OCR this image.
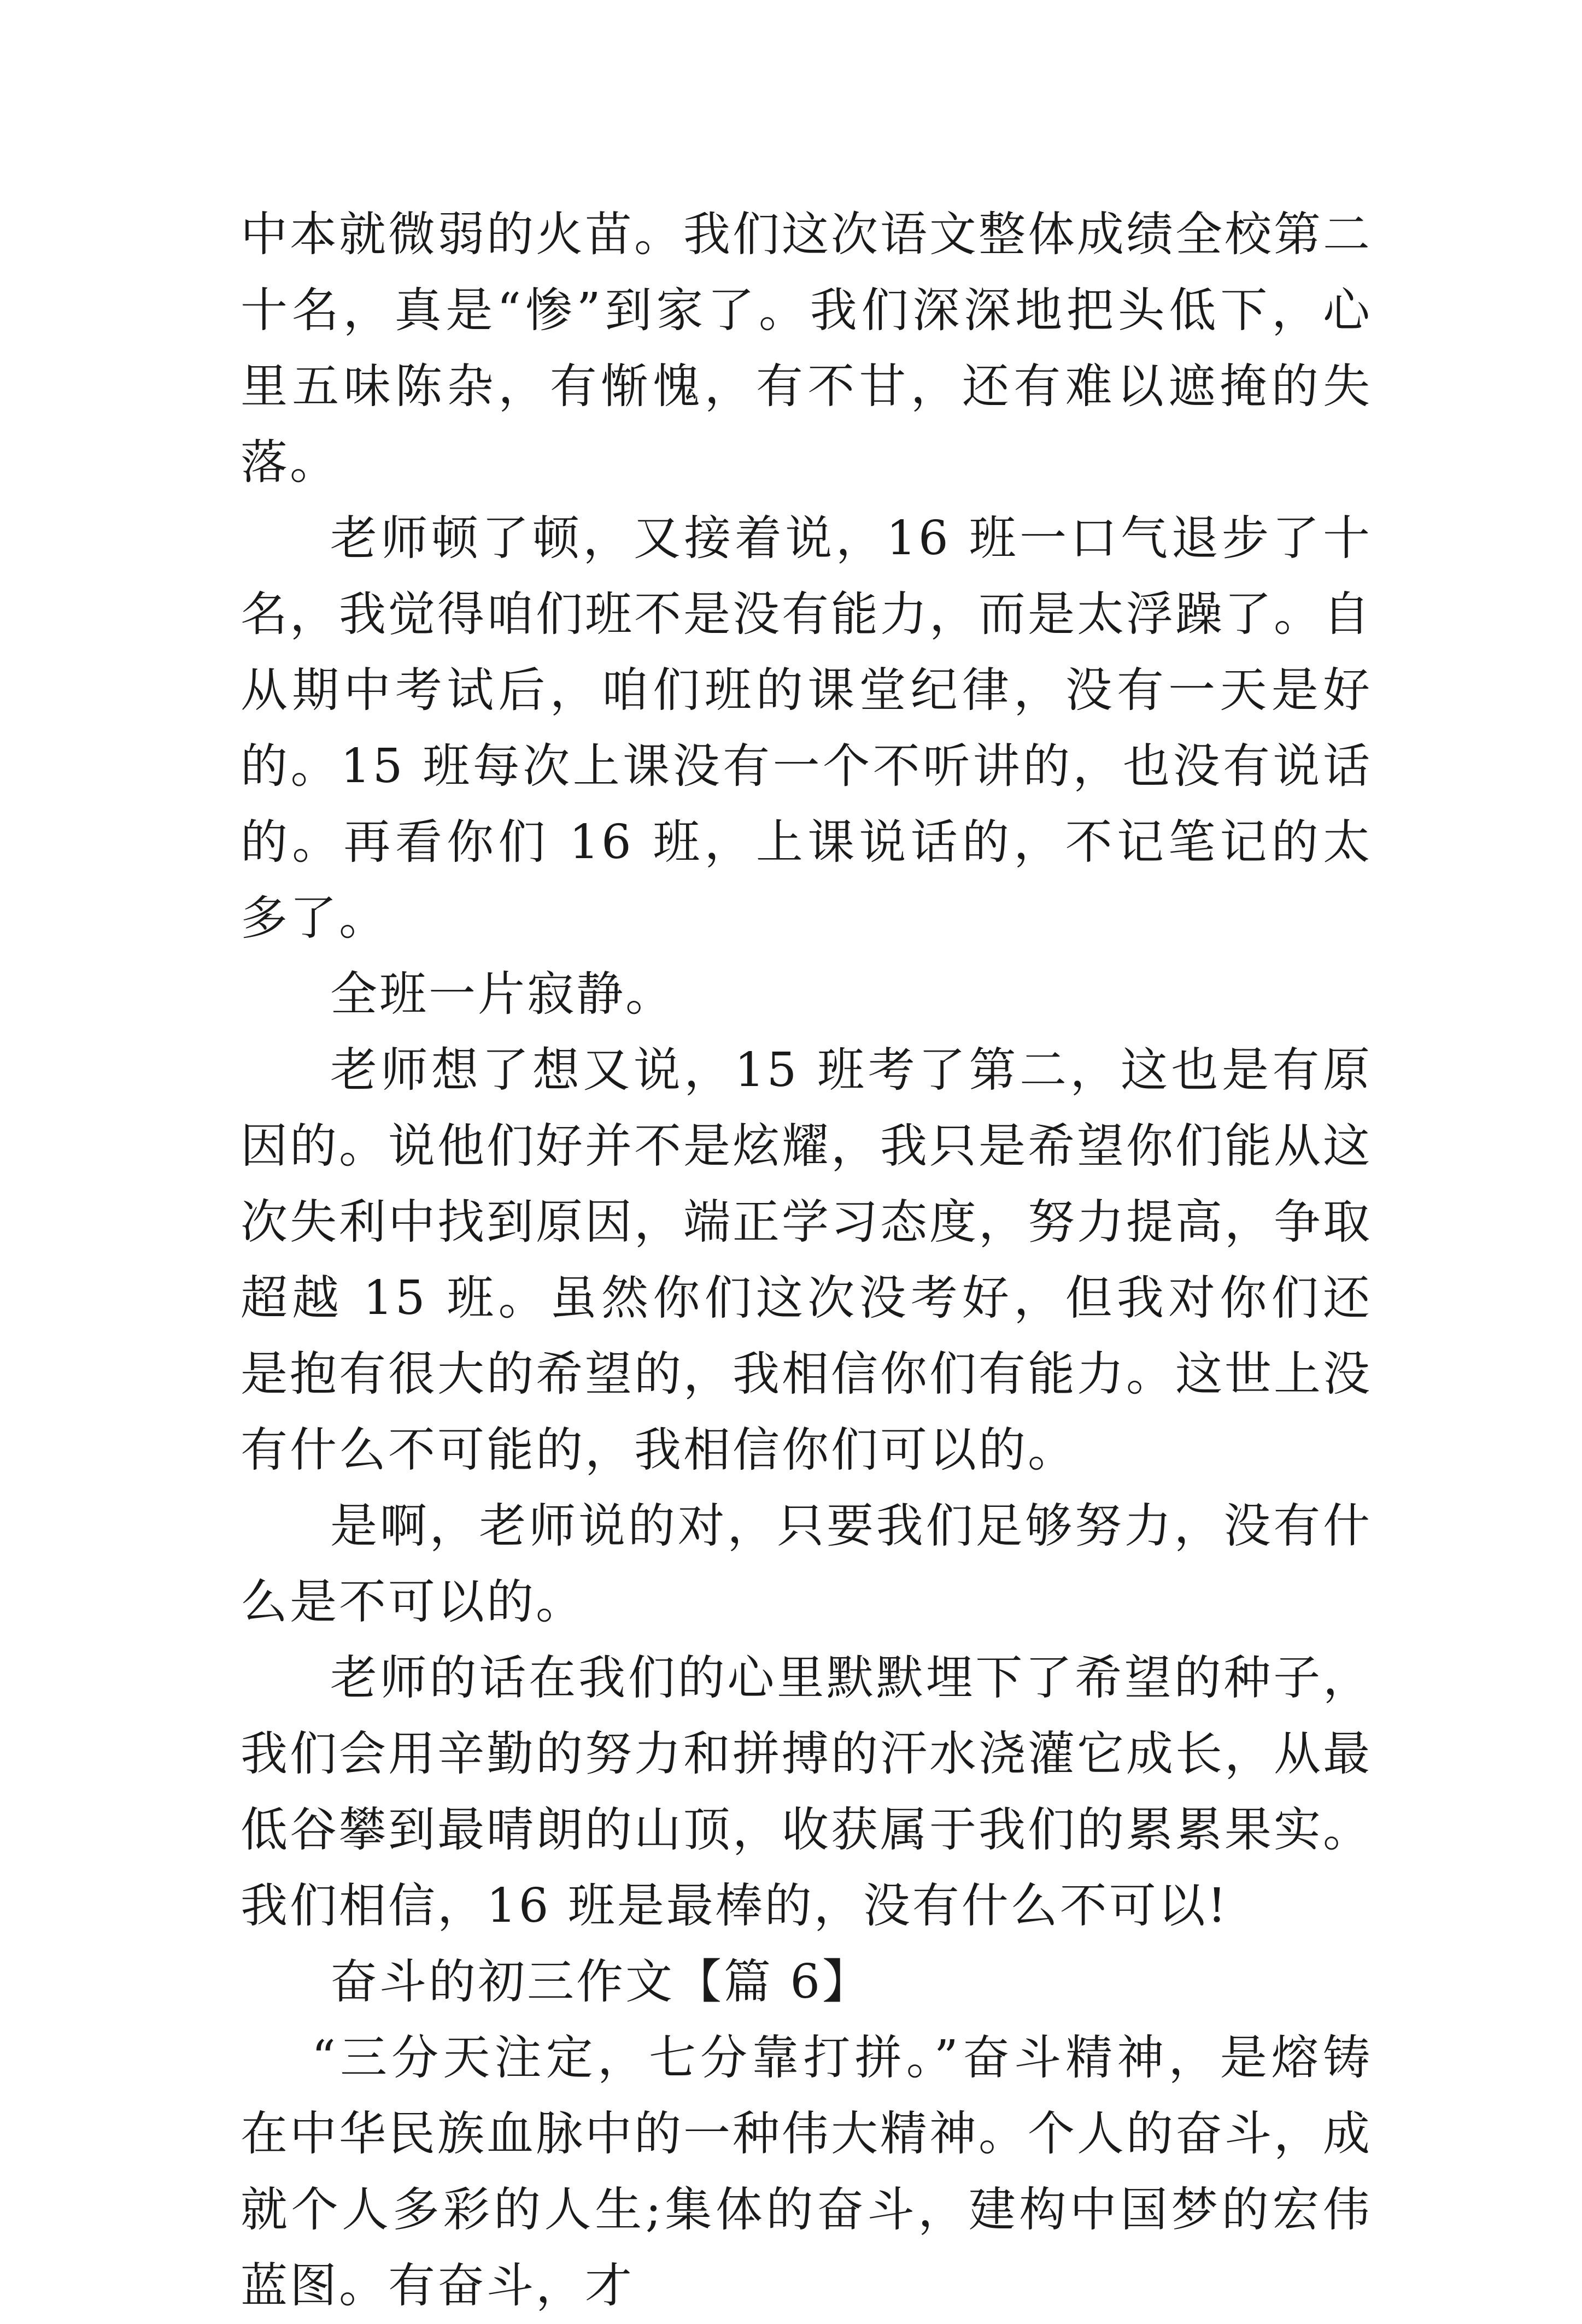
中本就微弱的火苗。我们这次语文整体成绩全校第二十名，真是“惨”到家了。我们深深地把头低下，心里五味陈杂，有惭愧，有不甘，还有难以遮掩的失落。

老师顿了顿，又接着说，16 班一口气退步了十名，我觉得咱们班不是没有能力，而是太浮躁了。自从期中考试后，咱们班的课堂纪律，没有一天是好的。15 班每次上课没有一个不听讲的，也没有说话的。再看你们 16 班，上课说话的，不记笔记的太多了。

全班一片寂静。

老师想了想又说，15 班考了第二，这也是有原因的。说他们好并不是炫耀，我只是希望你们能从这次失利中找到原因，端正学习态度，努力提高，争取超越 15 班。虽然你们这次没考好，但我对你们还是抱有很大的希望的，我相信你们有能力。这世上没有什么不可能的，我相信你们可以的。

是啊，老师说的对，只要我们足够努力，没有什么是不可以的。

老师的话在我们的心里默默埋下了希望的种子，我们会用辛勤的努力和拼搏的汗水浇灌它成长，从最低谷攀到最晴朗的山顶，收获属于我们的累累果实。我们相信，16 班是最棒的，没有什么不可以!

奋斗的初三作文【篇 6】

“三分天注定，七分靠打拼。”奋斗精神，是熔铸在中华民族血脉中的一种伟大精神。个人的奋斗，成就个人多彩的人生;集体的奋斗，建构中国梦的宏伟蓝图。有奋斗，才
